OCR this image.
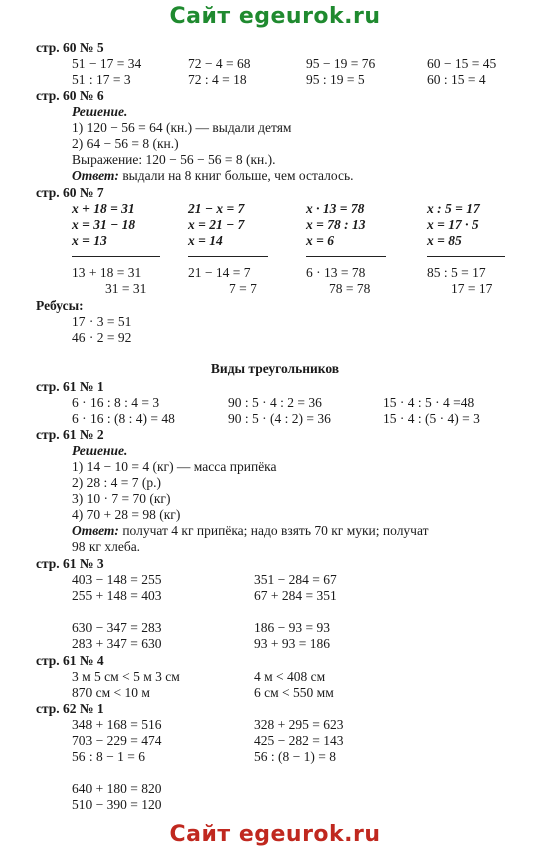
Сайт egeurok.ru
стр. 60 № 5
51 − 17 = 34	72 − 4 = 68	95 − 19 = 76	60 − 15 = 45
51 : 17 = 3	72 : 4 = 18	95 : 19 = 5	60 : 15 = 4
стр. 60 № 6
Решение.
1) 120 − 56 = 64 (кн.) — выдали детям
2) 64 − 56 = 8 (кн.)
Выражение: 120 − 56 − 56 = 8 (кн.).
Ответ: выдали на 8 книг больше, чем осталось.
стр. 60 № 7
x + 18 = 31	21 − x = 7	x · 13 = 78	x : 5 = 17
x = 31 − 18	x = 21 − 7	x = 78 : 13	x = 17 · 5
x = 13	x = 14	x = 6	x = 85
13 + 18 = 31	21 − 14 = 7	6 · 13 = 78	85 : 5 = 17
31 = 31	7 = 7	78 = 78	17 = 17
Ребусы:
17 · 3 = 51
46 · 2 = 92
Виды треугольников
стр. 61 № 1
6 · 16 : 8 : 4 = 3	90 : 5 · 4 : 2 = 36	15 · 4 : 5 · 4 =48
6 · 16 : (8 : 4) = 48	90 : 5 · (4 : 2) = 36	15 · 4 : (5 · 4) = 3
стр. 61 № 2
Решение.
1) 14 − 10 = 4 (кг) — масса припёка
2) 28 : 4 = 7 (р.)
3) 10 · 7 = 70 (кг)
4) 70 + 28 = 98 (кг)
Ответ: получат 4 кг припёка; надо взять 70 кг муки; получат
98 кг хлеба.
стр. 61 № 3
403 − 148 = 255	351 − 284 = 67
255 + 148 = 403	67 + 284 = 351
630 − 347 = 283	186 − 93 = 93
283 + 347 = 630	93 + 93 = 186
стр. 61 № 4
3 м 5 см < 5 м 3 см	4 м < 408 см
870 см < 10 м	6 см < 550 мм
стр. 62 № 1
348 + 168 = 516	328 + 295 = 623
703 − 229 = 474	425 − 282 = 143
56 : 8 − 1 = 6	56 : (8 − 1) = 8
640 + 180 = 820
510 − 390 = 120
Сайт egeurok.ru
